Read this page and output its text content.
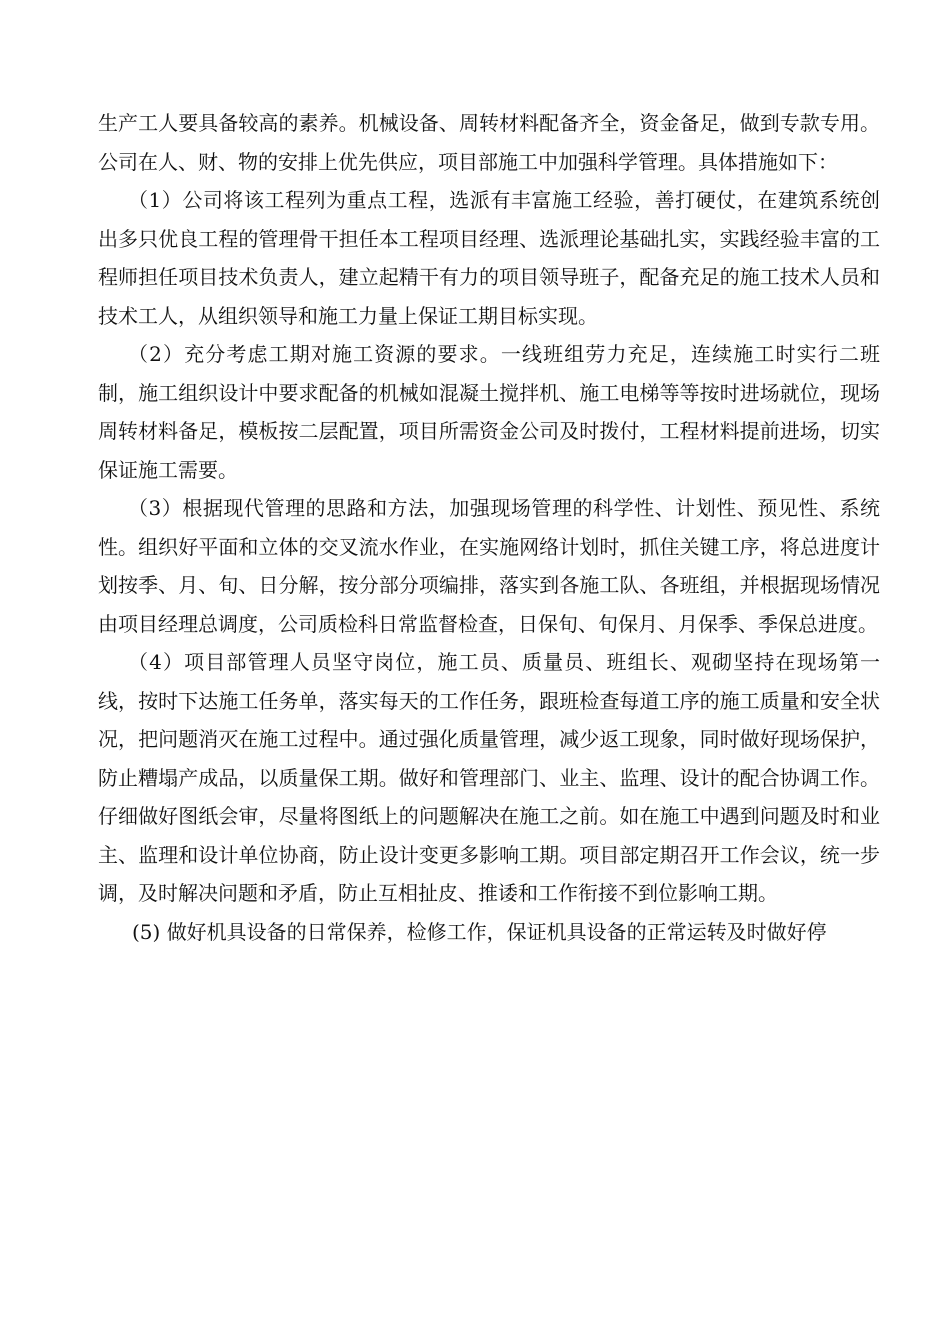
生产工人要具备较高的素养。机械设备、周转材料配备齐全，资金备足，做到专款专用。公司在人、财、物的安排上优先供应，项目部施工中加强科学管理。具体措施如下：

（1）公司将该工程列为重点工程，选派有丰富施工经验，善打硬仗，在建筑系统创出多只优良工程的管理骨干担任本工程项目经理、选派理论基础扎实，实践经验丰富的工程师担任项目技术负责人，建立起精干有力的项目领导班子，配备充足的施工技术人员和技术工人，从组织领导和施工力量上保证工期目标实现。

（2）充分考虑工期对施工资源的要求。一线班组劳力充足，连续施工时实行二班制，施工组织设计中要求配备的机械如混凝土搅拌机、施工电梯等等按时进场就位，现场周转材料备足，模板按二层配置，项目所需资金公司及时拨付，工程材料提前进场，切实保证施工需要。

（3）根据现代管理的思路和方法，加强现场管理的科学性、计划性、预见性、系统性。组织好平面和立体的交叉流水作业，在实施网络计划时，抓住关键工序，将总进度计划按季、月、旬、日分解，按分部分项编排，落实到各施工队、各班组，并根据现场情况由项目经理总调度，公司质检科日常监督检查，日保旬、旬保月、月保季、季保总进度。

（4）项目部管理人员坚守岗位，施工员、质量员、班组长、观砌坚持在现场第一线，按时下达施工任务单，落实每天的工作任务，跟班检查每道工序的施工质量和安全状况，把问题消灭在施工过程中。通过强化质量管理，减少返工现象，同时做好现场保护，防止糟塌产成品，以质量保工期。做好和管理部门、业主、监理、设计的配合协调工作。仔细做好图纸会审，尽量将图纸上的问题解决在施工之前。如在施工中遇到问题及时和业主、监理和设计单位协商，防止设计变更多影响工期。项目部定期召开工作会议，统一步调，及时解决问题和矛盾，防止互相扯皮、推诿和工作衔接不到位影响工期。

(5) 做好机具设备的日常保养，检修工作，保证机具设备的正常运转及时做好停
